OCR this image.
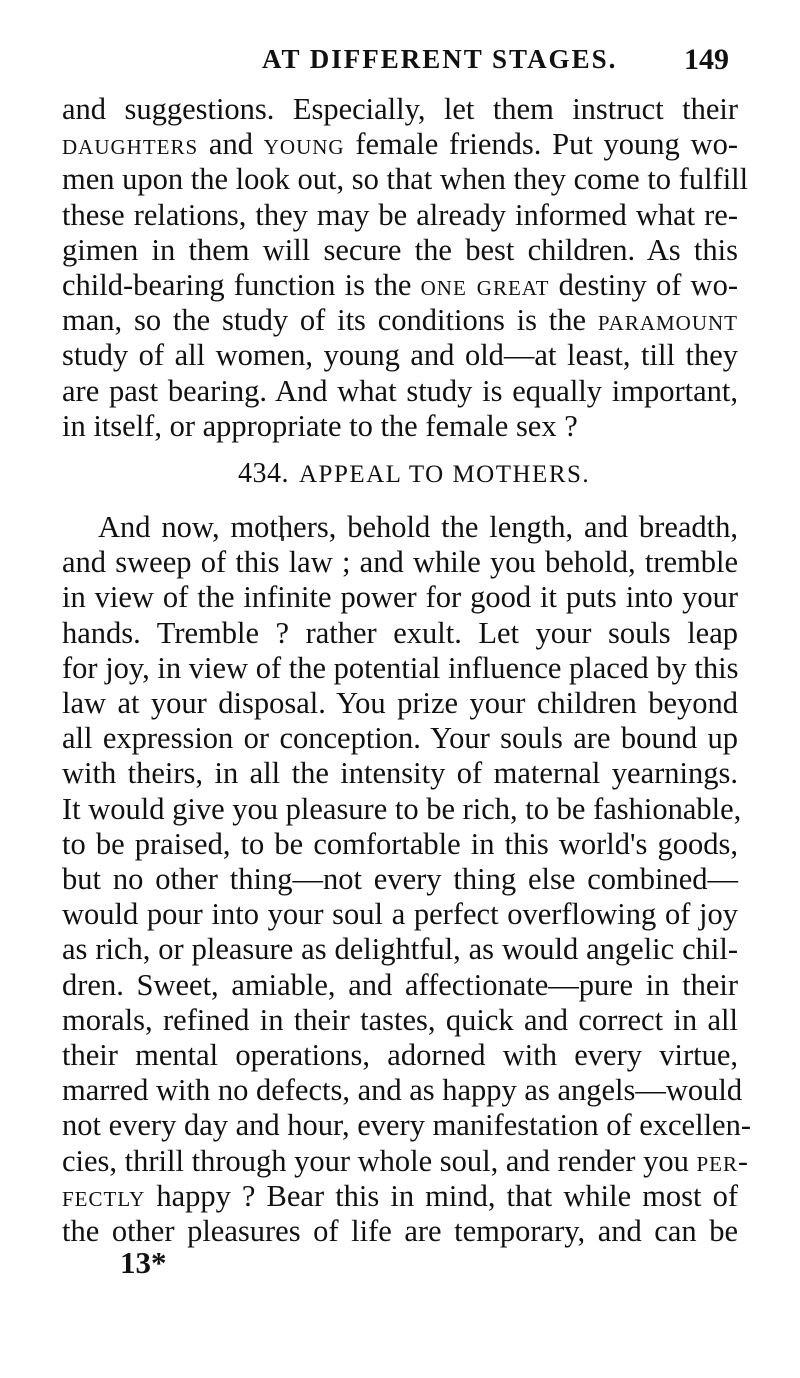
AT DIFFERENT STAGES. 149
and suggestions. Especially, let them instruct their
daughters and young female friends. Put young wo-
men upon the look out, so that when they come to fulfill
these relations, they may be already informed what re-
gimen in them will secure the best children. As this
child-bearing function is the one great destiny of wo-
man, so the study of its conditions is the paramount
study of all women, young and old—at least, till they
are past bearing. And what study is equally important,
in itself, or appropriate to the female sex ?
434. APPEAL TO MOTHERS.
And now, mothers, behold the length, and breadth,
and sweep of this law ; and while you behold, tremble
in view of the infinite power for good it puts into your
hands. Tremble ? rather exult. Let your souls leap
for joy, in view of the potential influence placed by this
law at your disposal. You prize your children beyond
all expression or conception. Your souls are bound up
with theirs, in all the intensity of maternal yearnings.
It would give you pleasure to be rich, to be fashionable,
to be praised, to be comfortable in this world's goods,
but no other thing—not every thing else combined—
would pour into your soul a perfect overflowing of joy
as rich, or pleasure as delightful, as would angelic chil-
dren. Sweet, amiable, and affectionate—pure in their
morals, refined in their tastes, quick and correct in all
their mental operations, adorned with every virtue,
marred with no defects, and as happy as angels—would
not every day and hour, every manifestation of excellen-
cies, thrill through your whole soul, and render you per-
fectly happy ? Bear this in mind, that while most of
the other pleasures of life are temporary, and can be
13*
